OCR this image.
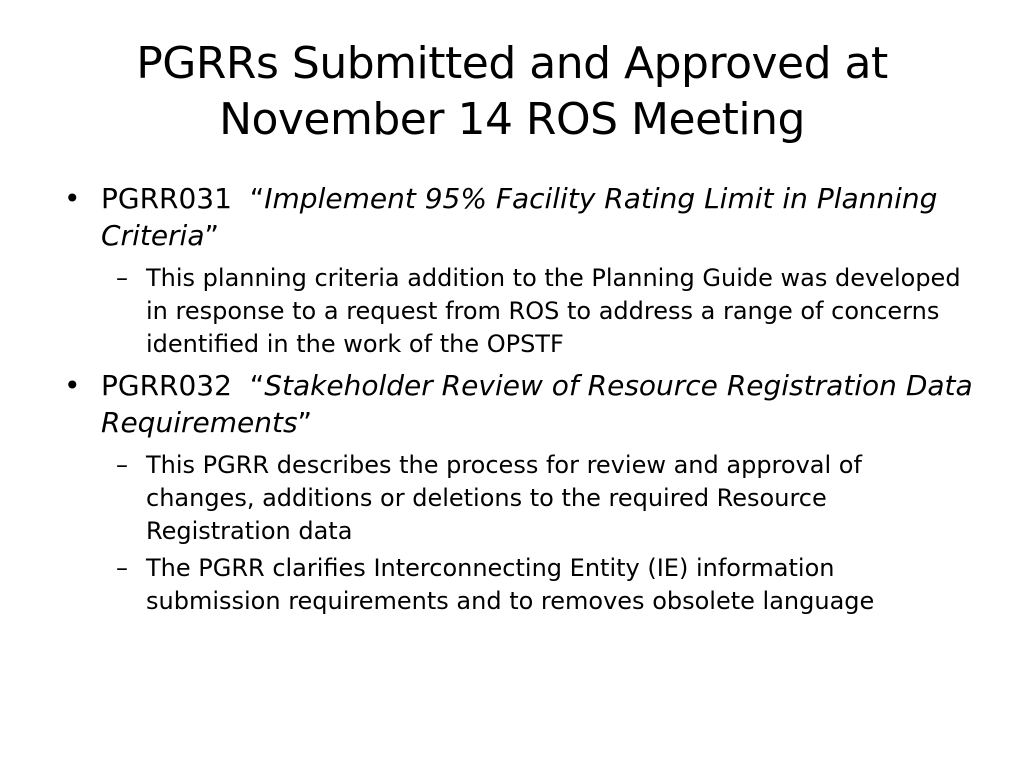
PGRRs Submitted and Approved at November 14 ROS Meeting
• PGRR031 “Implement 95% Facility Rating Limit in Planning Criteria”
– This planning criteria addition to the Planning Guide was developed in response to a request from ROS to address a range of concerns identified in the work of the OPSTF
• PGRR032 “Stakeholder Review of Resource Registration Data Requirements”
– This PGRR describes the process for review and approval of changes, additions or deletions to the required Resource Registration data
– The PGRR clarifies Interconnecting Entity (IE) information submission requirements and to removes obsolete language
